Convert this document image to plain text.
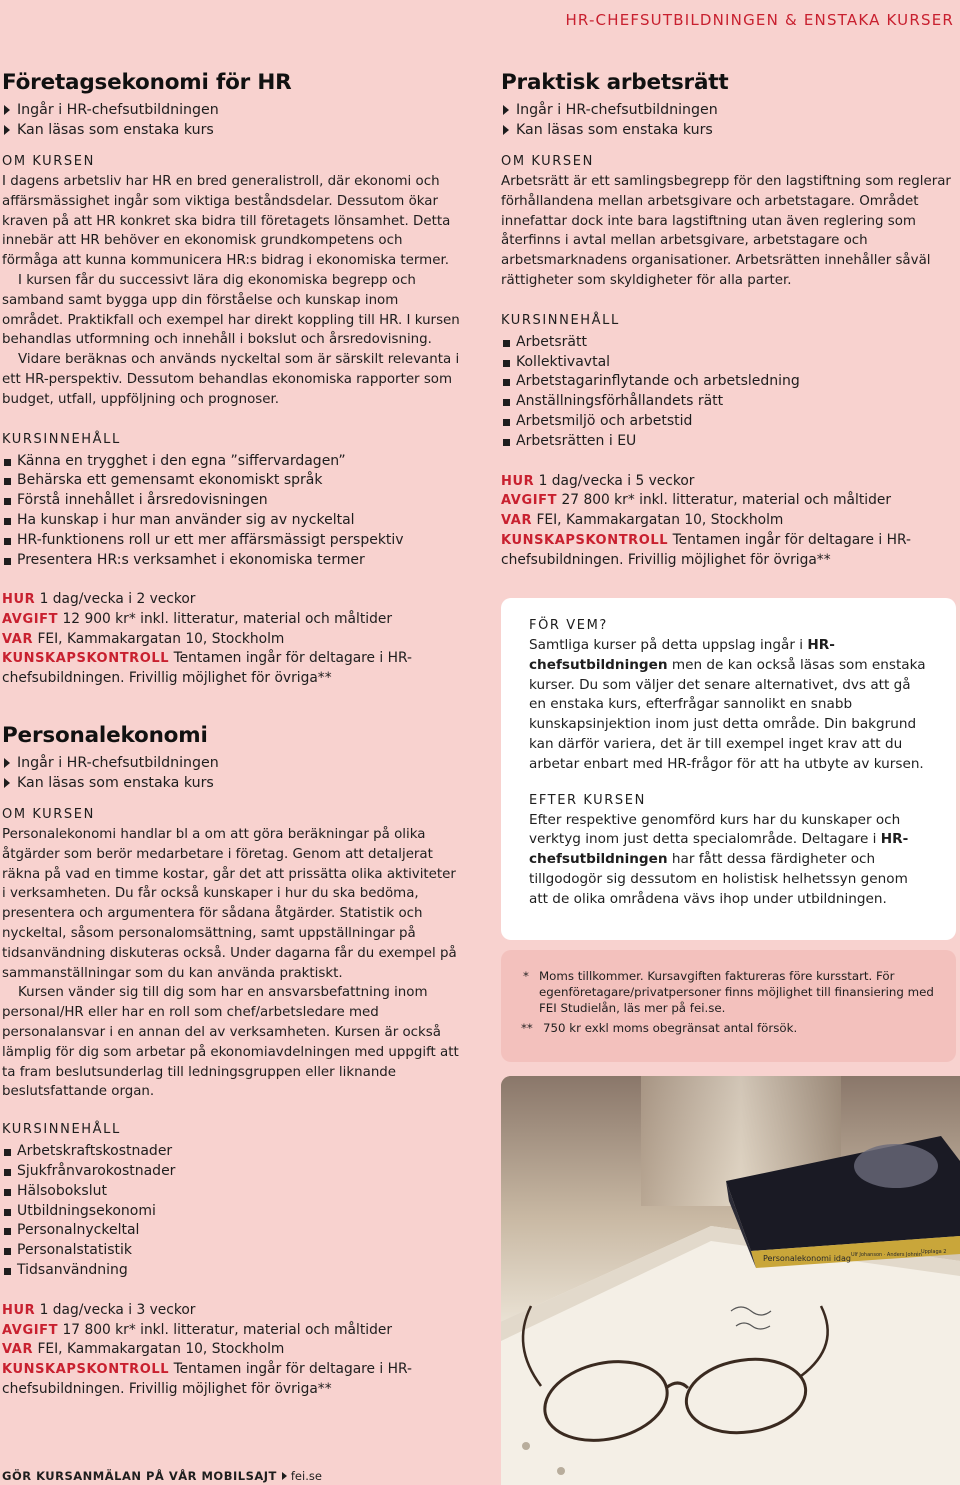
HR-CHEFSUTBILDNINGEN & ENSTAKA KURSER
Företagsekonomi för HR
Ingår i HR-chefsutbildningen
Kan läsas som enstaka kurs
OM KURSEN

I dagens arbetsliv har HR en bred generalistroll, där ekonomi och affärsmässighet ingår som viktiga beståndsdelar. Dessutom ökar kraven på att HR konkret ska bidra till företagets lönsamhet. Detta innebär att HR behöver en ekonomisk grundkompetens och förmåga att kunna kommunicera HR:s bidrag i ekonomiska termer.

I kursen får du successivt lära dig ekonomiska begrepp och samband samt bygga upp din förståelse och kunskap inom området. Praktikfall och exempel har direkt koppling till HR. I kursen behandlas utformning och innehåll i bokslut och årsredovisning.

Vidare beräknas och används nyckeltal som är särskilt relevanta i ett HR-perspektiv. Dessutom behandlas ekonomiska rapporter som budget, utfall, uppföljning och prognoser.

KURSINNEHÅLL
Känna en trygghet i den egna ”siffervardagen”
Behärska ett gemensamt ekonomiskt språk
Förstå innehållet i årsredovisningen
Ha kunskap i hur man använder sig av nyckeltal
HR-funktionens roll ur ett mer affärsmässigt perspektiv
Presentera HR:s verksamhet i ekonomiska termer
HUR 1 dag/vecka i 2 veckor
AVGIFT 12 900 kr* inkl. litteratur, material och måltider
VAR FEI, Kammakargatan 10, Stockholm
KUNSKAPSKONTROLL Tentamen ingår för deltagare i HR-chefsubildningen. Frivillig möjlighet för övriga**
Personalekonomi
Ingår i HR-chefsutbildningen
Kan läsas som enstaka kurs
OM KURSEN

Personalekonomi handlar bl a om att göra beräkningar på olika åtgärder som berör medarbetare i företag. Genom att detaljerat räkna på vad en timme kostar, går det att prissätta olika aktiviteter i verksamheten. Du får också kunskaper i hur du ska bedöma, presentera och argumentera för sådana åtgärder. Statistik och nyckeltal, såsom personalomsättning, samt uppställningar på tidsanvändning diskuteras också. Under dagarna får du exempel på sammanställningar som du kan använda praktiskt.

Kursen vänder sig till dig som har en ansvarsbefattning inom personal/HR eller har en roll som chef/arbetsledare med personalansvar i en annan del av verksamheten. Kursen är också lämplig för dig som arbetar på ekonomiavdelningen med uppgift att ta fram beslutsunderlag till ledningsgruppen eller liknande beslutsfattande organ.

KURSINNEHÅLL
Arbetskraftskostnader
Sjukfrånvarokostnader
Hälsobokslut
Utbildningsekonomi
Personalnyckeltal
Personalstatistik
Tidsanvändning
HUR 1 dag/vecka i 3 veckor
AVGIFT 17 800 kr* inkl. litteratur, material och måltider
VAR FEI, Kammakargatan 10, Stockholm
KUNSKAPSKONTROLL Tentamen ingår för deltagare i HR-chefsubildningen. Frivillig möjlighet för övriga**
Praktisk arbetsrätt
Ingår i HR-chefsutbildningen
Kan läsas som enstaka kurs
OM KURSEN

Arbetsrätt är ett samlingsbegrepp för den lagstiftning som reglerar förhållandena mellan arbetsgivare och arbetstagare. Området innefattar dock inte bara lagstiftning utan även reglering som återfinns i avtal mellan arbetsgivare, arbetstagare och arbetsmarknadens organisationer. Arbetsrätten innehåller såväl rättigheter som skyldigheter för alla parter.

KURSINNEHÅLL
Arbetsrätt
Kollektivavtal
Arbetstagarinflytande och arbetsledning
Anställningsförhållandets rätt
Arbetsmiljö och arbetstid
Arbetsrätten i EU
HUR 1 dag/vecka i 5 veckor
AVGIFT 27 800 kr* inkl. litteratur, material och måltider
VAR FEI, Kammakargatan 10, Stockholm
KUNSKAPSKONTROLL Tentamen ingår för deltagare i HR-chefsubildningen. Frivillig möjlighet för övriga**
FÖR VEM?
Samtliga kurser på detta uppslag ingår i HR-chefsutbildningen men de kan också läsas som enstaka kurser. Du som väljer det senare alternativet, dvs att gå en enstaka kurs, efterfrågar sannolikt en snabb kunskapsinjektion inom just detta område. Din bakgrund kan därför variera, det är till exempel inget krav att du arbetar enbart med HR-frågor för att ha utbyte av kursen.
EFTER KURSEN
Efter respektive genomförd kurs har du kunskaper och verktyg inom just detta specialområde. Deltagare i HR-chefsutbildningen har fått dessa färdigheter och tillgodogör sig dessutom en holistisk helhetssyn genom att de olika områdena vävs ihop under utbildningen.
* Moms tillkommer. Kursavgiften faktureras före kursstart. För egenföretagare/privatpersoner finns möjlighet till finansiering med FEI Studielån, läs mer på fei.se.
** 750 kr exkl moms obegränsat antal försök.
Personalekonomi idag Ulf Johanson · Anders Johrén Upplaga 2
GÖR KURSANMÄLAN PÅ VÅR MOBILSAJT fei.se
